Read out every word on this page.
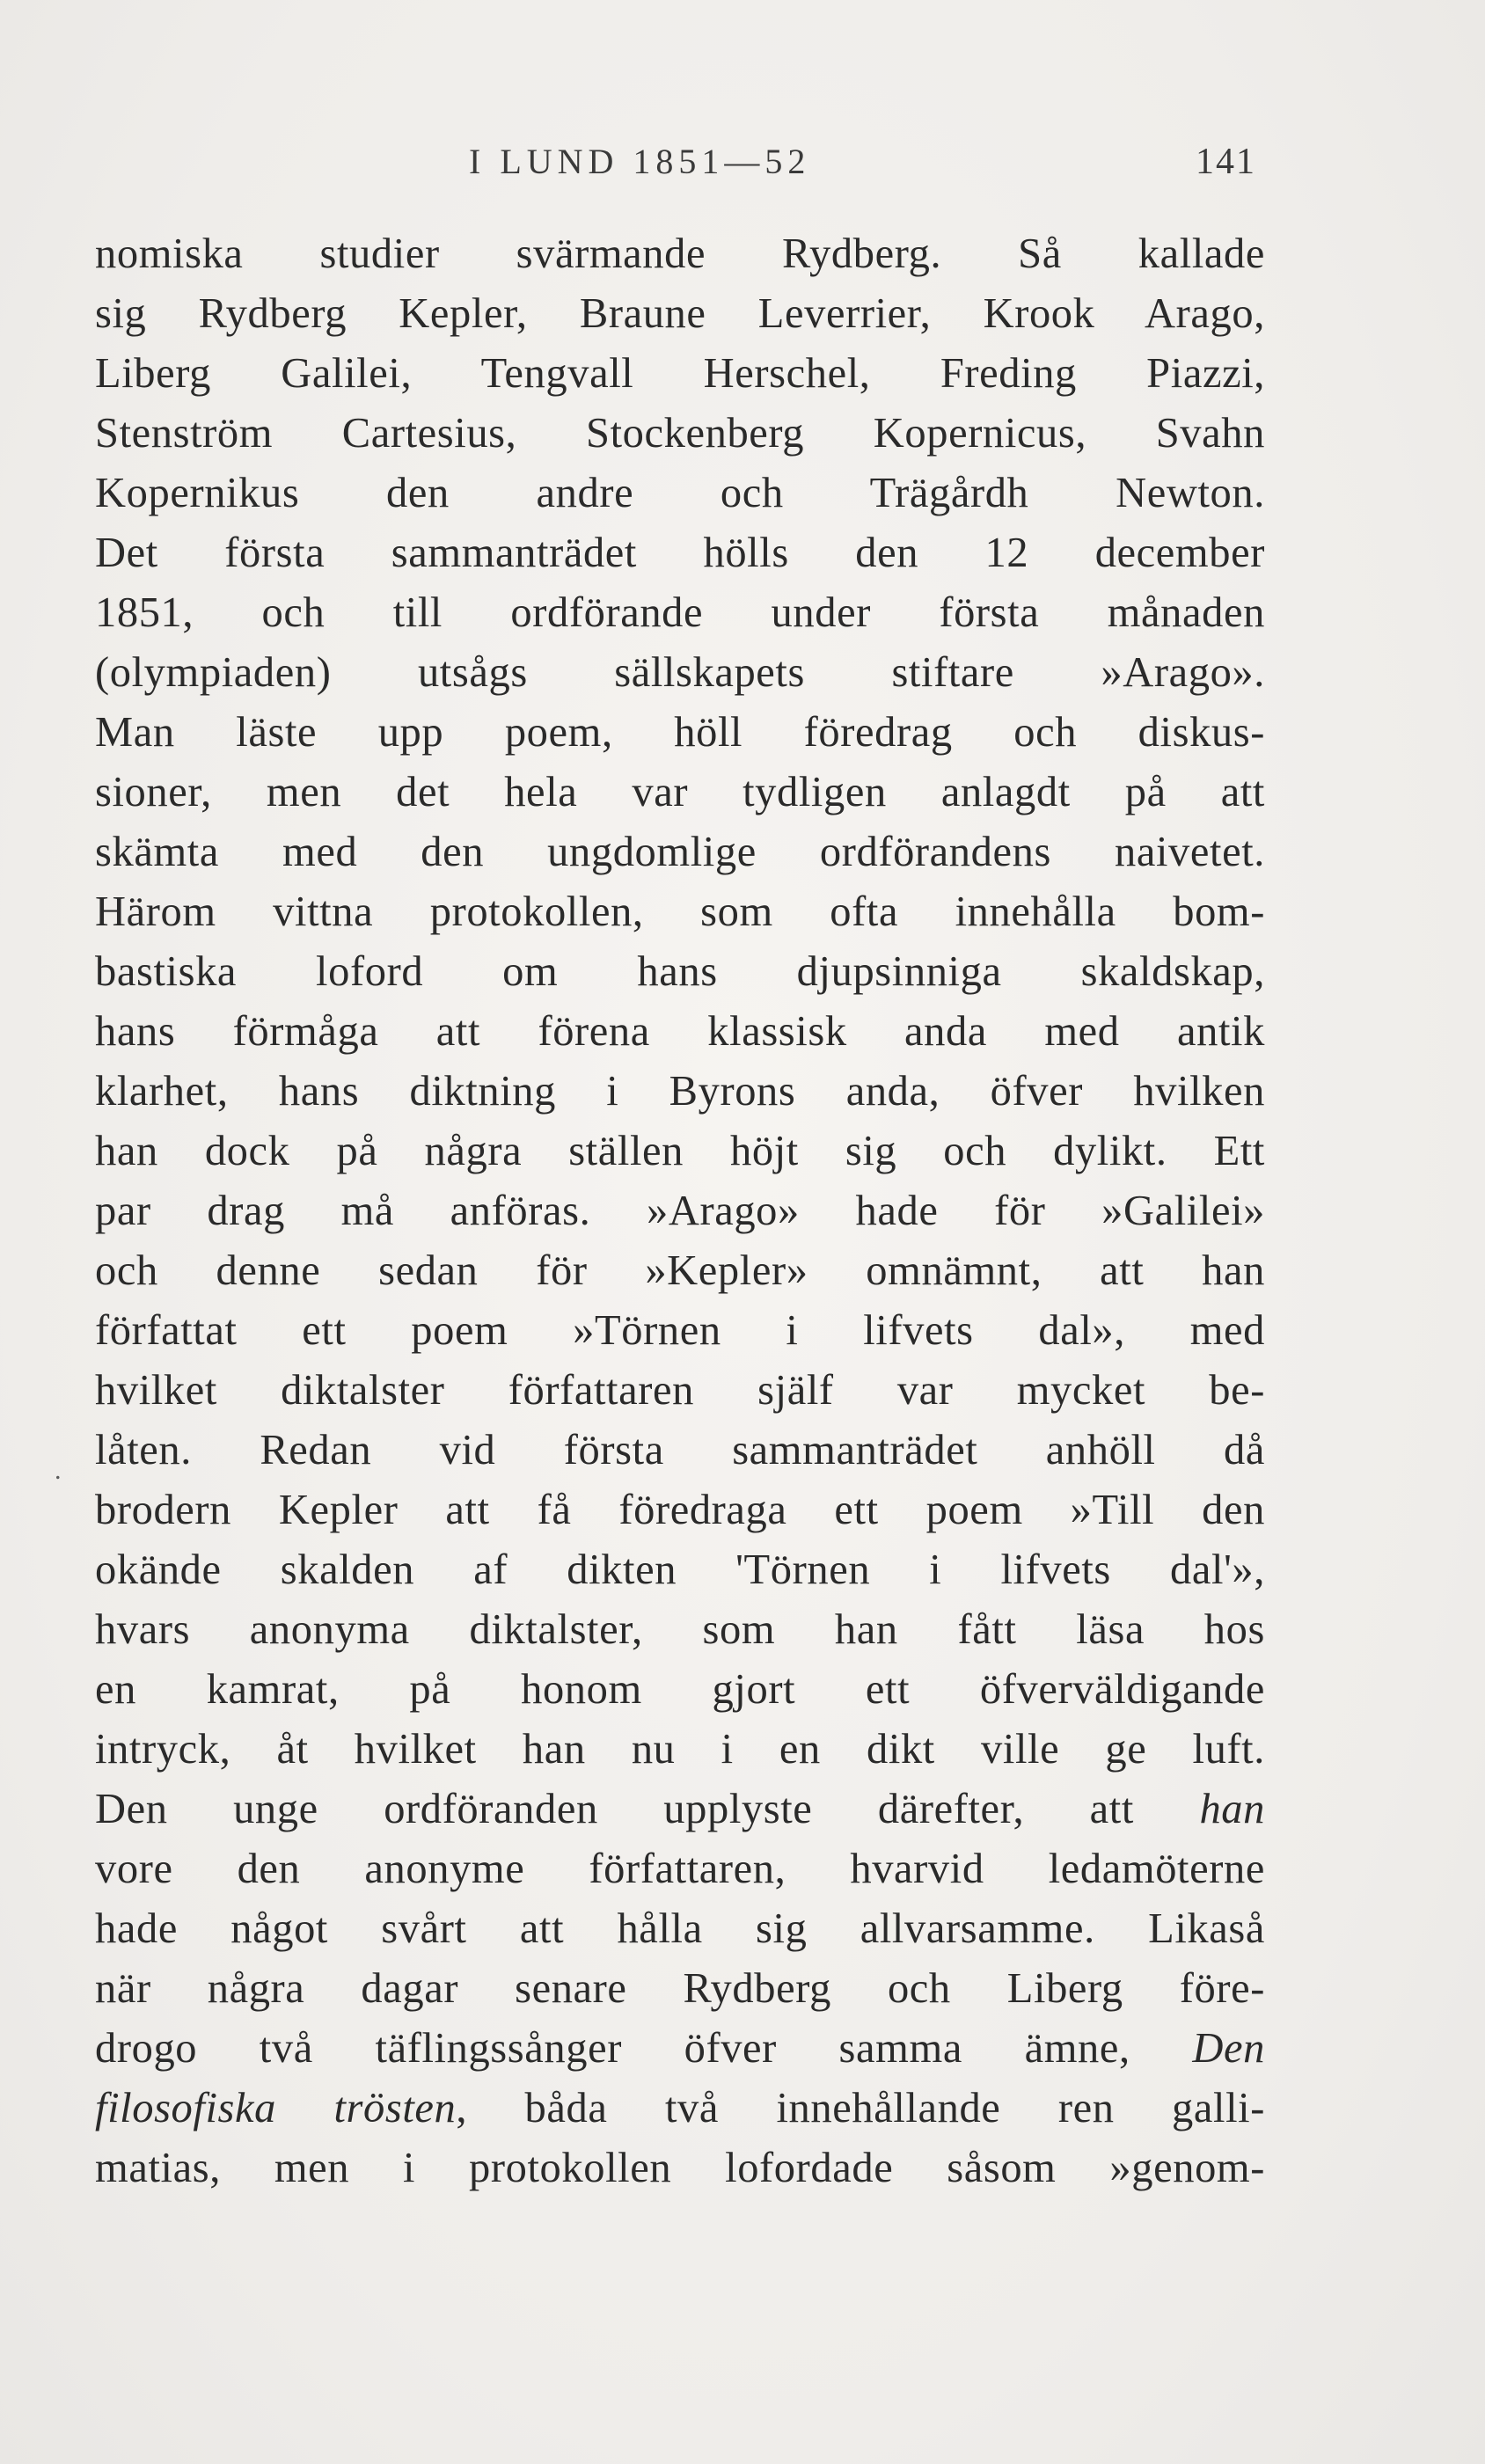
I LUND 1851—52	141
.
nomiska studier svärmande Rydberg. Så kallade
sig Rydberg Kepler, Braune Leverrier, Krook Arago,
Liberg Galilei, Tengvall Herschel, Freding Piazzi,
Stenström Cartesius, Stockenberg Kopernicus, Svahn
Kopernikus den andre och Trägårdh Newton.
Det första sammanträdet hölls den 12 december
1851, och till ordförande under första månaden
(olympiaden) utsågs sällskapets stiftare »Arago».
Man läste upp poem, höll föredrag och diskus-
sioner, men det hela var tydligen anlagdt på att
skämta med den ungdomlige ordförandens naivetet.
Härom vittna protokollen, som ofta innehålla bom-
bastiska loford om hans djupsinniga skaldskap,
hans förmåga att förena klassisk anda med antik
klarhet, hans diktning i Byrons anda, öfver hvilken
han dock på några ställen höjt sig och dylikt. Ett
par drag må anföras. »Arago» hade för »Galilei»
och denne sedan för »Kepler» omnämnt, att han
författat ett poem »Törnen i lifvets dal», med
hvilket diktalster författaren själf var mycket be-
låten. Redan vid första sammanträdet anhöll då
brodern Kepler att få föredraga ett poem »Till den
okände skalden af dikten 'Törnen i lifvets dal'»,
hvars anonyma diktalster, som han fått läsa hos
en kamrat, på honom gjort ett öfverväldigande
intryck, åt hvilket han nu i en dikt ville ge luft.
Den unge ordföranden upplyste därefter, att han
vore den anonyme författaren, hvarvid ledamöterne
hade något svårt att hålla sig allvarsamme. Likaså
när några dagar senare Rydberg och Liberg före-
drogo två täflingssånger öfver samma ämne, Den
filosofiska trösten, båda två innehållande ren galli-
matias, men i protokollen lofordade såsom »genom-
